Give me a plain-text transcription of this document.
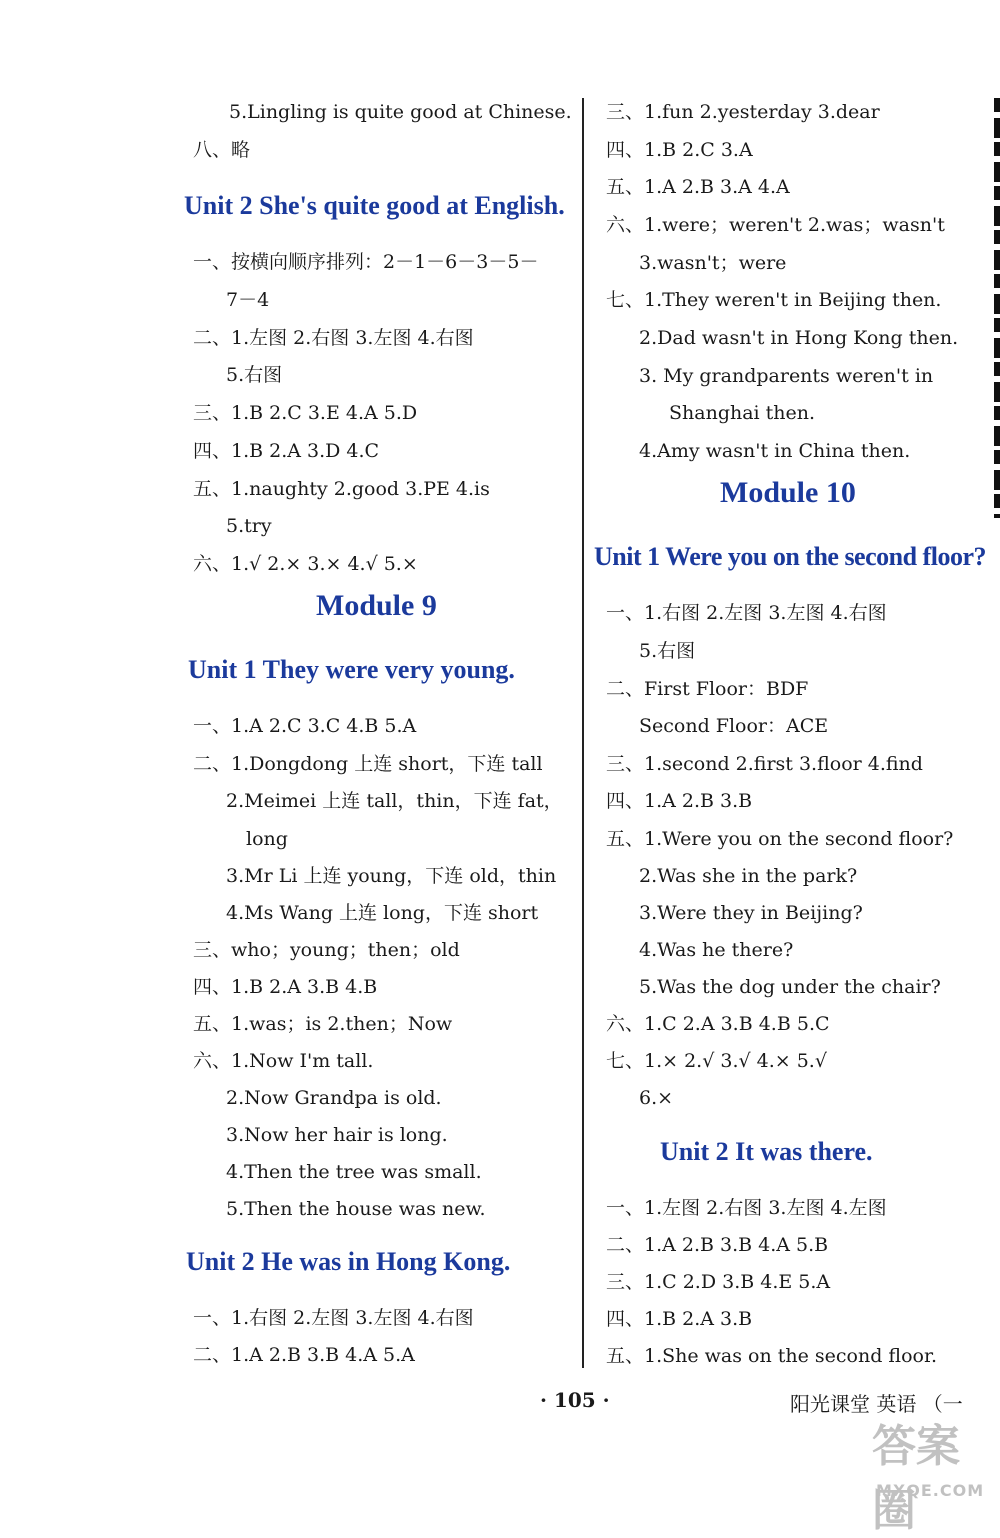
5.Lingling is quite good at Chinese.
八、略
Unit 2 She's quite good at English.
一、按横向顺序排列：2－1－6－3－5－
7－4
二、1.左图 2.右图 3.左图 4.右图
5.右图
三、1.B 2.C 3.E 4.A 5.D
四、1.B 2.A 3.D 4.C
五、1.naughty 2.good 3.PE 4.is
5.try
六、1.√ 2.× 3.× 4.√ 5.×
Module 9
Unit 1 They were very young.
一、1.A 2.C 3.C 4.B 5.A
二、1.Dongdong 上连 short，下连 tall
2.Meimei 上连 tall，thin，下连 fat，
long
3.Mr Li 上连 young，下连 old，thin
4.Ms Wang 上连 long，下连 short
三、who；young；then；old
四、1.B 2.A 3.B 4.B
五、1.was；is 2.then；Now
六、1.Now I'm tall.
2.Now Grandpa is old.
3.Now her hair is long.
4.Then the tree was small.
5.Then the house was new.
Unit 2 He was in Hong Kong.
一、1.右图 2.左图 3.左图 4.右图
二、1.A 2.B 3.B 4.A 5.A
三、1.fun 2.yesterday 3.dear
四、1.B 2.C 3.A
五、1.A 2.B 3.A 4.A
六、1.were；weren't 2.was；wasn't
3.wasn't；were
七、1.They weren't in Beijing then.
2.Dad wasn't in Hong Kong then.
3. My grandparents weren't in
Shanghai then.
4.Amy wasn't in China then.
Module 10
Unit 1 Were you on the second floor?
一、1.右图 2.左图 3.左图 4.右图
5.右图
二、First Floor：BDF
Second Floor：ACE
三、1.second 2.first 3.floor 4.find
四、1.A 2.B 3.B
五、1.Were you on the second floor?
2.Was she in the park?
3.Were they in Beijing?
4.Was he there?
5.Was the dog under the chair?
六、1.C 2.A 3.B 4.B 5.C
七、1.× 2.√ 3.√ 4.× 5.√
6.×
Unit 2 It was there.
一、1.左图 2.右图 3.左图 4.左图
二、1.A 2.B 3.B 4.A 5.B
三、1.C 2.D 3.B 4.E 5.A
四、1.B 2.A 3.B
五、1.She was on the second floor.
· 105 ·	阳光课堂 英语 （一
答案圈
MXQE.COM
